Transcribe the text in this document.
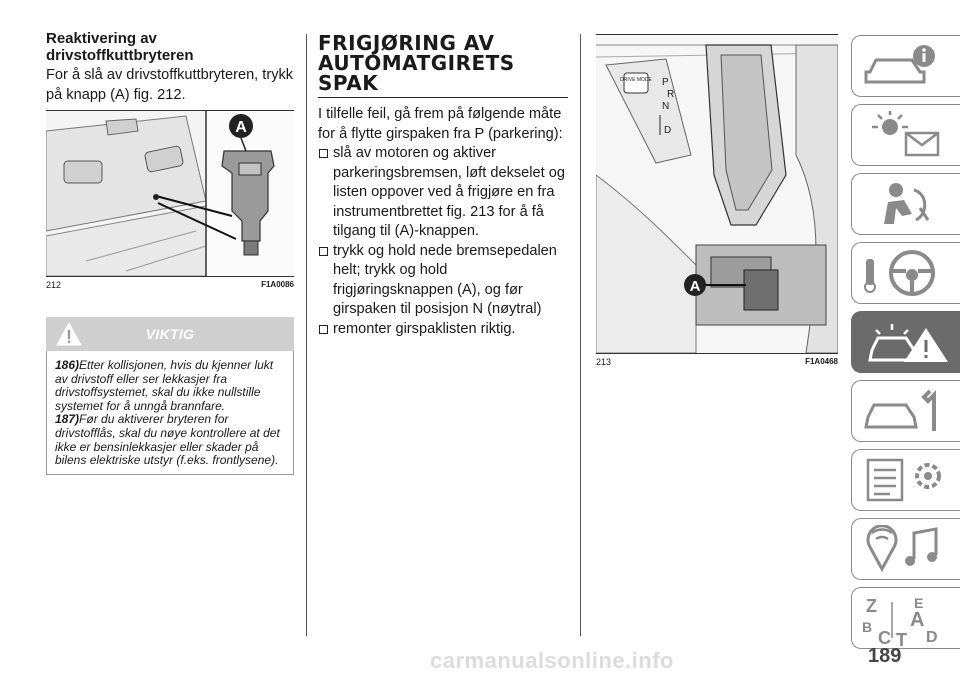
Reaktivering av drivstoffkuttbryteren

For å slå av drivstoffkuttbryteren, trykk på knapp (A) fig. 212.

A
212	F1A0086
VIKTIG
186)Etter kollisjonen, hvis du kjenner lukt av drivstoff eller ser lekkasjer fra drivstoffsystemet, skal du ikke nullstille systemet for å unngå brannfare.
187)Før du aktiverer bryteren for drivstofflås, skal du nøye kontrollere at det ikke er bensinlekkasjer eller skader på bilens elektriske utstyr (f.eks. frontlysene).
FRIGJØRING AV
AUTOMATGIRETS
SPAK

I tilfelle feil, gå frem på følgende måte for å flytte girspaken fra P (parkering):

slå av motoren og aktiver parkeringsbremsen, løft dekselet og listen oppover ved å frigjøre en fra instrumentbrettet fig. 213 for å få tilgang til (A)-knappen.
trykk og hold nede bremsepedalen helt; trykk og hold frigjøringsknappen (A), og før girspaken til posisjon N (nøytral)
remonter girspaklisten riktig.
DRIVE MODE P
R
N
D
A
213	F1A0468
Z	E
B A
C T D
189
carmanualsonline.info
